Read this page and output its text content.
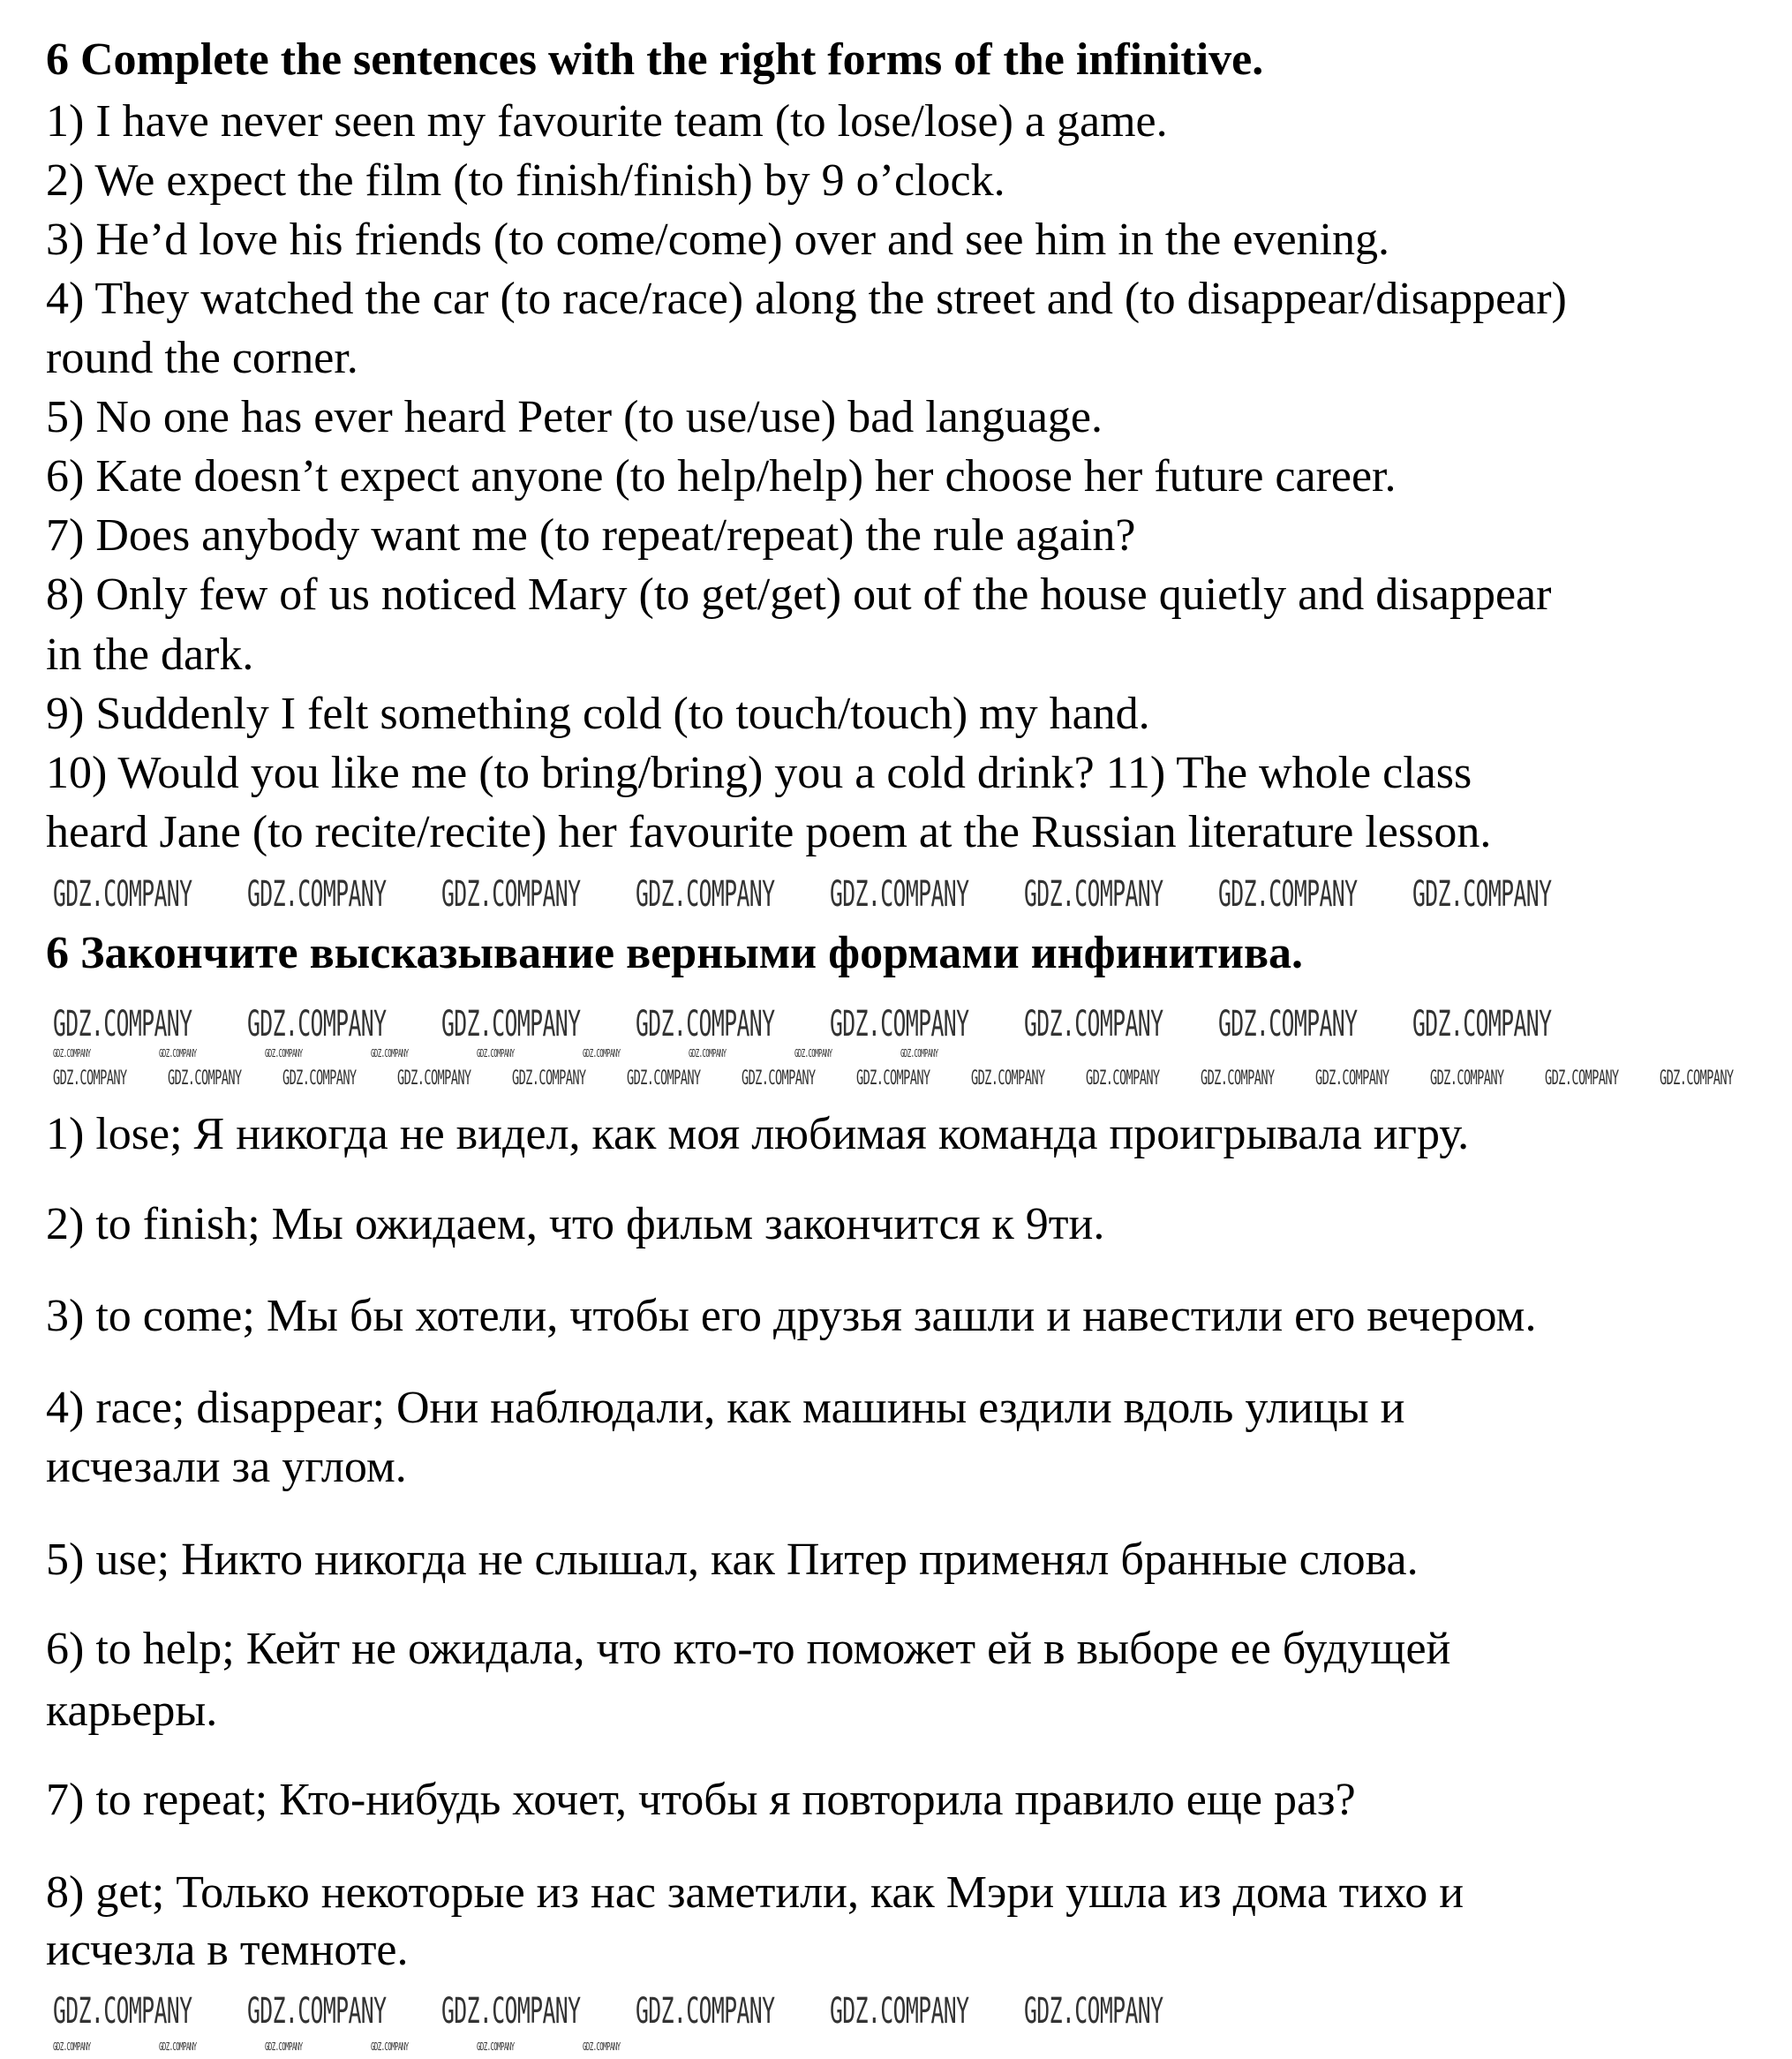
6 Complete the sentences with the right forms of the infinitive.
1) I have never seen my favourite team (to lose/lose) a game.
2) We expect the film (to finish/finish) by 9 o’clock.
3) He’d love his friends (to come/come) over and see him in the evening.
4) They watched the car (to race/race) along the street and (to disappear/disappear)
round the corner.
5) No one has ever heard Peter (to use/use) bad language.
6) Kate doesn’t expect anyone (to help/help) her choose her future career.
7) Does anybody want me (to repeat/repeat) the rule again?
8) Only few of us noticed Mary (to get/get) out of the house quietly and disappear
in the dark.
9) Suddenly I felt something cold (to touch/touch) my hand.
10) Would you like me (to bring/bring) you a cold drink? 11) The whole class
heard Jane (to recite/recite) her favourite poem at the Russian literature lesson.
6 Закончите высказывание верными формами инфинитива.
1) lose; Я никогда не видел, как моя любимая команда проигрывала игру.
2) to finish; Мы ожидаем, что фильм закончится к 9ти.
3) to come; Мы бы хотели, чтобы его друзья зашли и навестили его вечером.
4) race; disappear; Они наблюдали, как машины ездили вдоль улицы и
исчезали за углом.
5) use; Никто никогда не слышал, как Питер применял бранные слова.
6) to help; Кейт не ожидала, что кто-то поможет ей в выборе ее будущей
карьеры.
7) to repeat; Кто-нибудь хочет, чтобы я повторила правило еще раз?
8) get; Только некоторые из нас заметили, как Мэри ушла из дома тихо и
исчезла в темноте.
GDZ.COMPANY GDZ.COMPANY GDZ.COMPANY GDZ.COMPANY GDZ.COMPANY GDZ.COMPANY GDZ.COMPANY GDZ.COMPANY
GDZ.COMPANY GDZ.COMPANY GDZ.COMPANY GDZ.COMPANY GDZ.COMPANY GDZ.COMPANY GDZ.COMPANY GDZ.COMPANY
GDZ.COMPANY GDZ.COMPANY GDZ.COMPANY GDZ.COMPANY GDZ.COMPANY GDZ.COMPANY
GDZ.COMPANY	GDZ.COMPANY	GDZ.COMPANY	GDZ.COMPANY	GDZ.COMPANY	GDZ.COMPANY	GDZ.COMPANY	GDZ.COMPANY	GDZ.COMPANY
GDZ.COMPANY GDZ.COMPANY GDZ.COMPANY GDZ.COMPANY GDZ.COMPANY GDZ.COMPANY GDZ.COMPANY GDZ.COMPANY GDZ.COMPANY GDZ.COMPANY GDZ.COMPANY GDZ.COMPANY GDZ.COMPANY GDZ.COMPANY GDZ.COMPANY
GDZ.COMPANY	GDZ.COMPANY	GDZ.COMPANY	GDZ.COMPANY	GDZ.COMPANY	GDZ.COMPANY
